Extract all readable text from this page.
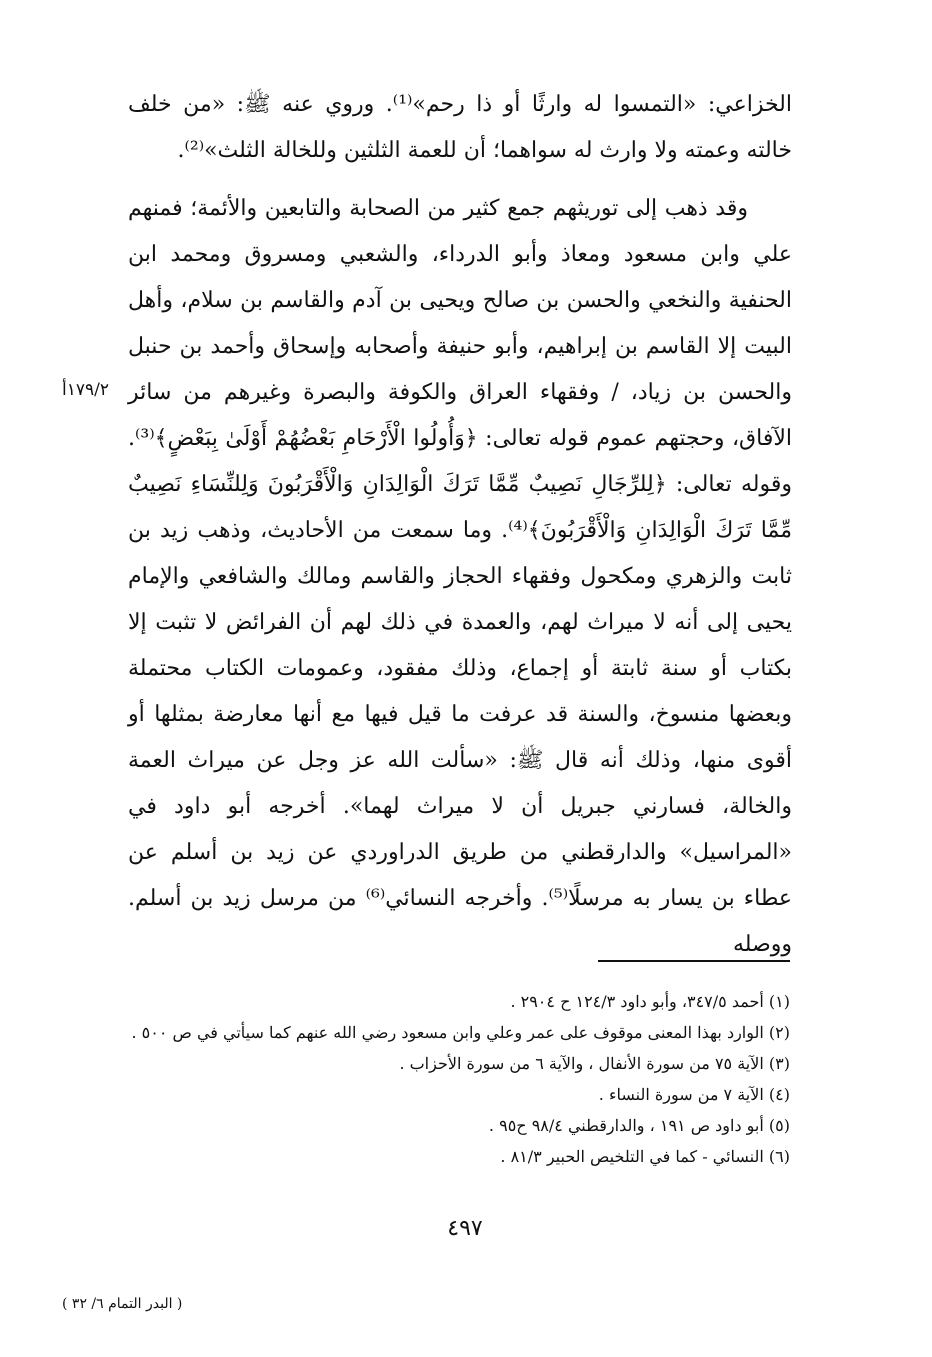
الخزاعي: «التمسوا له وارثًا أو ذا رحم»⁽¹⁾. وروي عنه ﷺ: «من خلف خالته وعمته ولا وارث له سواهما؛ أن للعمة الثلثين وللخالة الثلث»⁽²⁾.

وقد ذهب إلى توريثهم جمع كثير من الصحابة والتابعين والأئمة؛ فمنهم علي وابن مسعود ومعاذ وأبو الدرداء، والشعبي ومسروق ومحمد ابن الحنفية والنخعي والحسن بن صالح ويحيى بن آدم والقاسم بن سلام، وأهل البيت إلا القاسم بن إبراهيم، وأبو حنيفة وأصحابه وإسحاق وأحمد بن حنبل والحسن بن زياد، / وفقهاء العراق والكوفة والبصرة وغيرهم من سائر الآفاق، وحجتهم عموم قوله تعالى: ﴿وَأُولُوا الْأَرْحَامِ بَعْضُهُمْ أَوْلَىٰ بِبَعْضٍ﴾⁽³⁾. وقوله تعالى: ﴿لِلرِّجَالِ نَصِيبٌ مِّمَّا تَرَكَ الْوَالِدَانِ وَالْأَقْرَبُونَ وَلِلنِّسَاءِ نَصِيبٌ مِّمَّا تَرَكَ الْوَالِدَانِ وَالْأَقْرَبُونَ﴾⁽⁴⁾. وما سمعت من الأحاديث، وذهب زيد بن ثابت والزهري ومكحول وفقهاء الحجاز والقاسم ومالك والشافعي والإمام يحيى إلى أنه لا ميراث لهم، والعمدة في ذلك لهم أن الفرائض لا تثبت إلا بكتاب أو سنة ثابتة أو إجماع، وذلك مفقود، وعمومات الكتاب محتملة وبعضها منسوخ، والسنة قد عرفت ما قيل فيها مع أنها معارضة بمثلها أو أقوى منها، وذلك أنه قال ﷺ: «سألت الله عز وجل عن ميراث العمة والخالة، فسارني جبريل أن لا ميراث لهما». أخرجه أبو داود في «المراسيل» والدارقطني من طريق الدراوردي عن زيد بن أسلم عن عطاء بن يسار به مرسلًا⁽⁵⁾. وأخرجه النسائي⁽⁶⁾ من مرسل زيد بن أسلم. ووصله

١٧٩/٢أ
(١) أحمد ٣٤٧/٥، وأبو داود ١٢٤/٣ ح ٢٩٠٤ .
(٢) الوارد بهذا المعنى موقوف على عمر وعلي وابن مسعود رضي الله عنهم كما سيأتي في ص ٥٠٠ .
(٣) الآية ٧٥ من سورة الأنفال ، والآية ٦ من سورة الأحزاب .
(٤) الآية ٧ من سورة النساء .
(٥) أبو داود ص ١٩١ ، والدارقطني ٩٨/٤ ح٩٥ .
(٦) النسائي - كما في التلخيص الحبير ٨١/٣ .
٤٩٧
( البدر التمام ٦/ ٣٢ )
